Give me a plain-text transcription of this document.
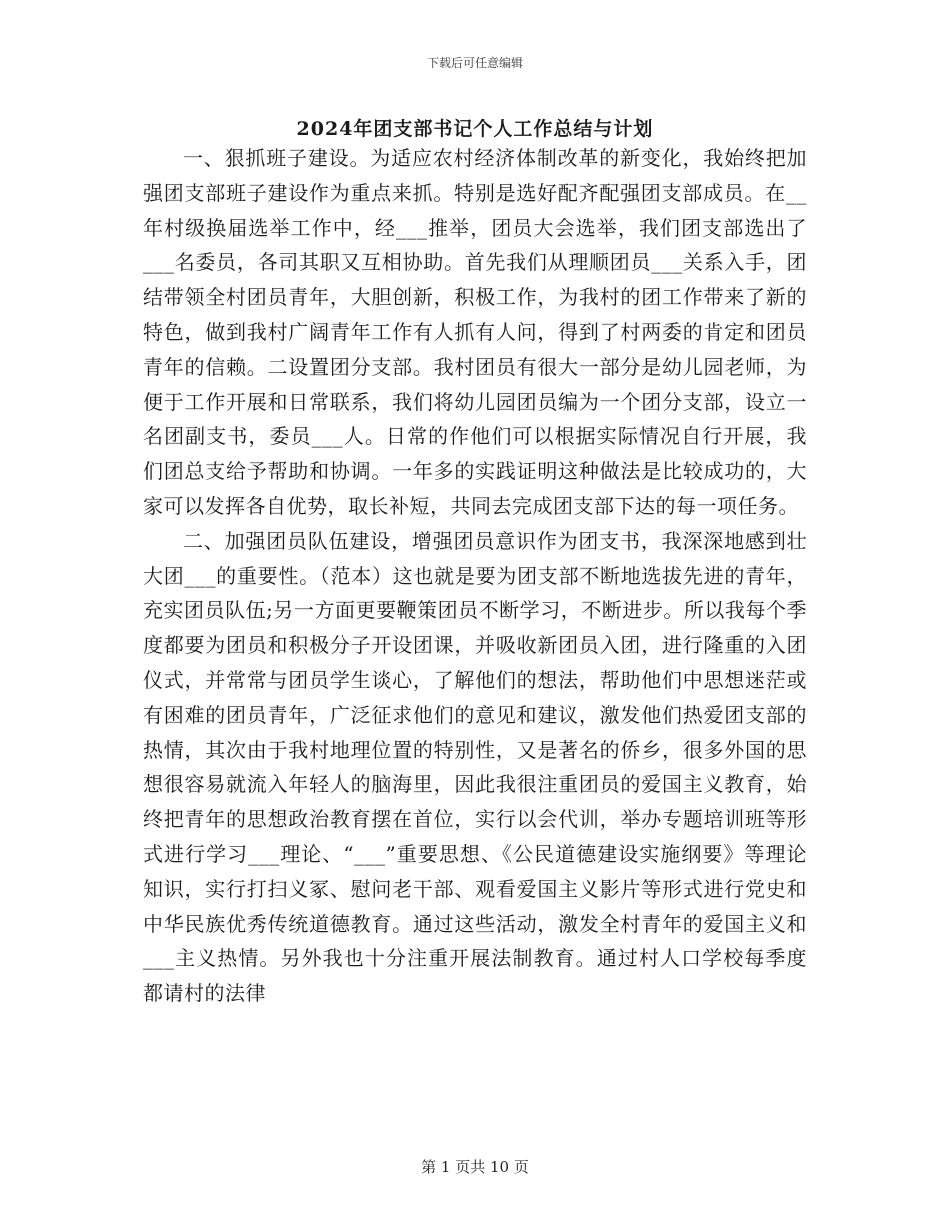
下载后可任意编辑
2024年团支部书记个人工作总结与计划

一、狠抓班子建设。为适应农村经济体制改革的新变化，我始终把加强团支部班子建设作为重点来抓。特别是选好配齐配强团支部成员。在__年村级换届选举工作中，经___推举，团员大会选举，我们团支部选出了___名委员，各司其职又互相协助。首先我们从理顺团员___关系入手，团结带领全村团员青年，大胆创新，积极工作，为我村的团工作带来了新的特色，做到我村广阔青年工作有人抓有人问，得到了村两委的肯定和团员青年的信赖。二设置团分支部。我村团员有很大一部分是幼儿园老师，为便于工作开展和日常联系，我们将幼儿园团员编为一个团分支部，设立一名团副支书，委员___人。日常的作他们可以根据实际情况自行开展，我们团总支给予帮助和协调。一年多的实践证明这种做法是比较成功的，大家可以发挥各自优势，取长补短，共同去完成团支部下达的每一项任务。

二、加强团员队伍建设，增强团员意识作为团支书，我深深地感到壮大团___的重要性。（范本）这也就是要为团支部不断地选拔先进的青年，充实团员队伍;另一方面更要鞭策团员不断学习，不断进步。所以我每个季度都要为团员和积极分子开设团课，并吸收新团员入团，进行隆重的入团仪式，并常常与团员学生谈心，了解他们的想法，帮助他们中思想迷茫或有困难的团员青年，广泛征求他们的意见和建议，激发他们热爱团支部的热情，其次由于我村地理位置的特别性，又是著名的侨乡，很多外国的思想很容易就流入年轻人的脑海里，因此我很注重团员的爱国主义教育，始终把青年的思想政治教育摆在首位，实行以会代训，举办专题培训班等形式进行学习___理论、“___”重要思想、《公民道德建设实施纲要》等理论知识，实行打扫义冢、慰问老干部、观看爱国主义影片等形式进行党史和中华民族优秀传统道德教育。通过这些活动，激发全村青年的爱国主义和___主义热情。另外我也十分注重开展法制教育。通过村人口学校每季度都请村的法律

第 1 页共 10 页
